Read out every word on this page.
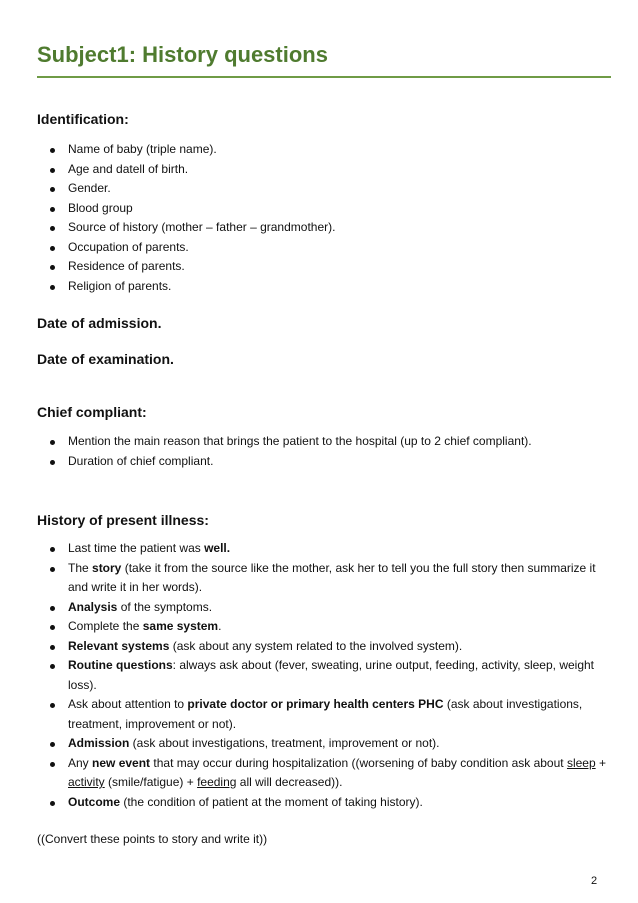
Subject1: History questions
Identification:
Name of baby (triple name).
Age and datell of birth.
Gender.
Blood group
Source of history (mother – father – grandmother).
Occupation of parents.
Residence of parents.
Religion of parents.
Date of admission.
Date of examination.
Chief compliant:
Mention the main reason that brings the patient to the hospital (up to 2 chief compliant).
Duration of chief compliant.
History of present illness:
Last time the patient was well.
The story (take it from the source like the mother, ask her to tell you the full story then summarize it and write it in her words).
Analysis of the symptoms.
Complete the same system.
Relevant systems (ask about any system related to the involved system).
Routine questions: always ask about (fever, sweating, urine output, feeding, activity, sleep, weight loss).
Ask about attention to private doctor or primary health centers PHC (ask about investigations, treatment, improvement or not).
Admission (ask about investigations, treatment, improvement or not).
Any new event that may occur during hospitalization ((worsening of baby condition ask about sleep + activity (smile/fatigue) + feeding all will decreased)).
Outcome (the condition of patient at the moment of taking history).

((Convert these points to story and write it))

2
